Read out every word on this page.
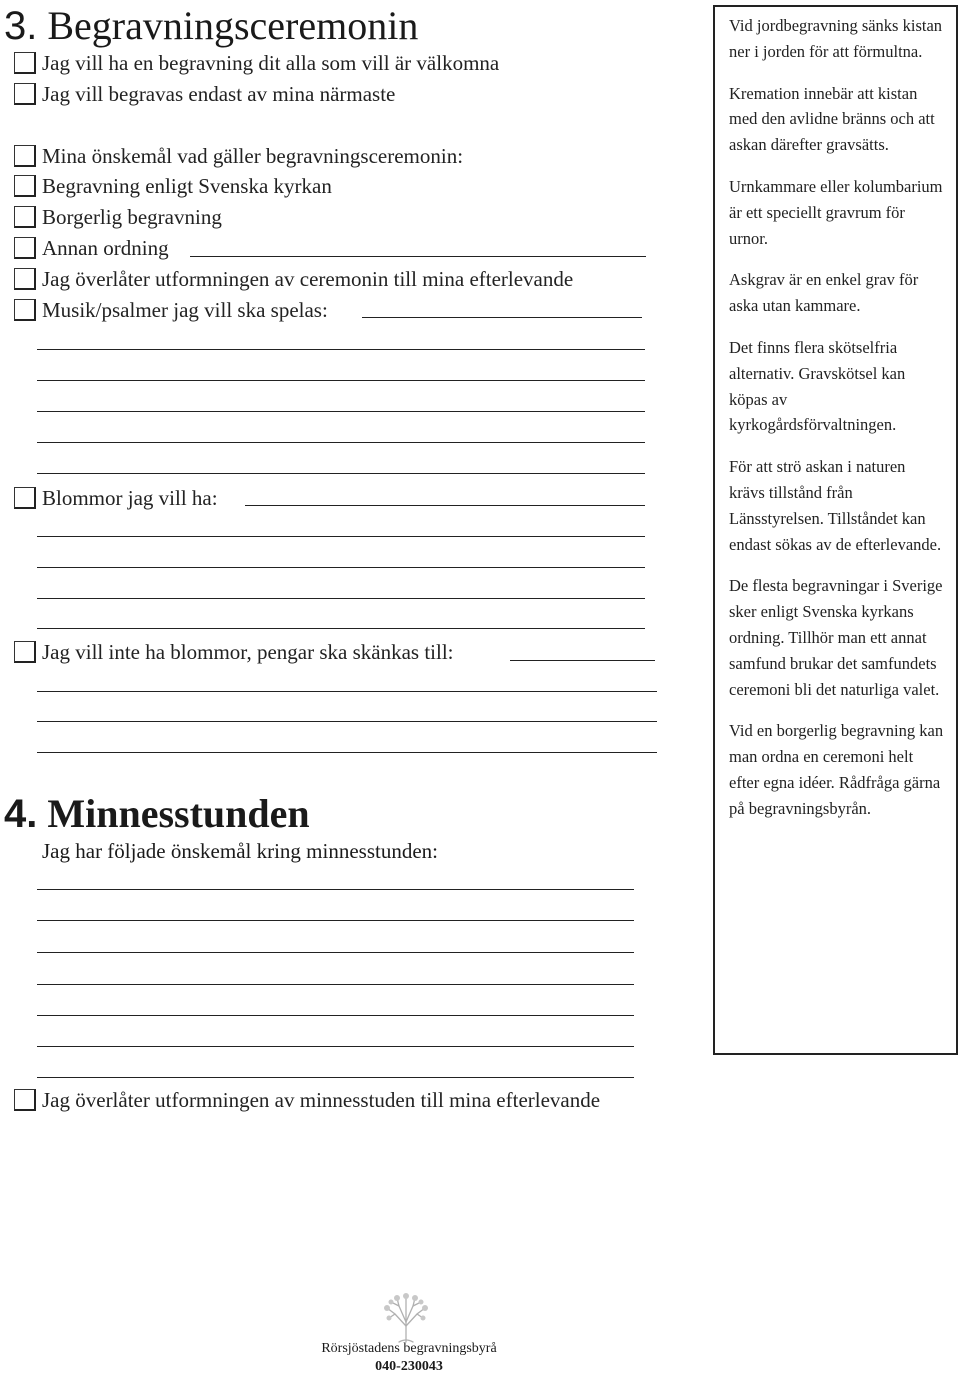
3. Begravningsceremonin
Jag vill ha en begravning dit alla som vill är välkomna
Jag vill begravas endast av mina närmaste
Mina önskemål vad gäller begravningsceremonin:
Begravning enligt Svenska kyrkan
Borgerlig begravning
Annan ordning
Jag överlåter utformningen av ceremonin till mina efterlevande
Musik/psalmer jag vill ska spelas:
Blommor jag vill ha:
Jag vill inte ha blommor, pengar ska skänkas till:
4. Minnesstunden
Jag har följade önskemål kring minnesstunden:
Jag överlåter utformningen av minnesstuden till mina efterlevande

Vid jordbegravning sänks kistan ner i jorden för att förmultna.

Kremation innebär att kistan med den avlidne bränns och att askan därefter gravsätts.

Urnkammare eller kolumbarium är ett speciellt gravrum för urnor.

Askgrav är en enkel grav för aska utan kammare.

Det finns flera skötselfria alternativ. Gravskötsel kan köpas av kyrkogårdsförvaltningen.

För att strö askan i naturen krävs tillstånd från Länsstyrelsen. Tillståndet kan endast sökas av de efterlevande.

De flesta begravningar i Sverige sker enligt Svenska kyrkans ordning. Tillhör man ett annat samfund brukar det samfundets ceremoni bli det naturliga valet.

Vid en borgerlig begravning kan man ordna en ceremoni helt efter egna idéer. Rådfråga gärna på begravningsbyrån.

Rörsjöstadens begravningsbyrå
040-230043
